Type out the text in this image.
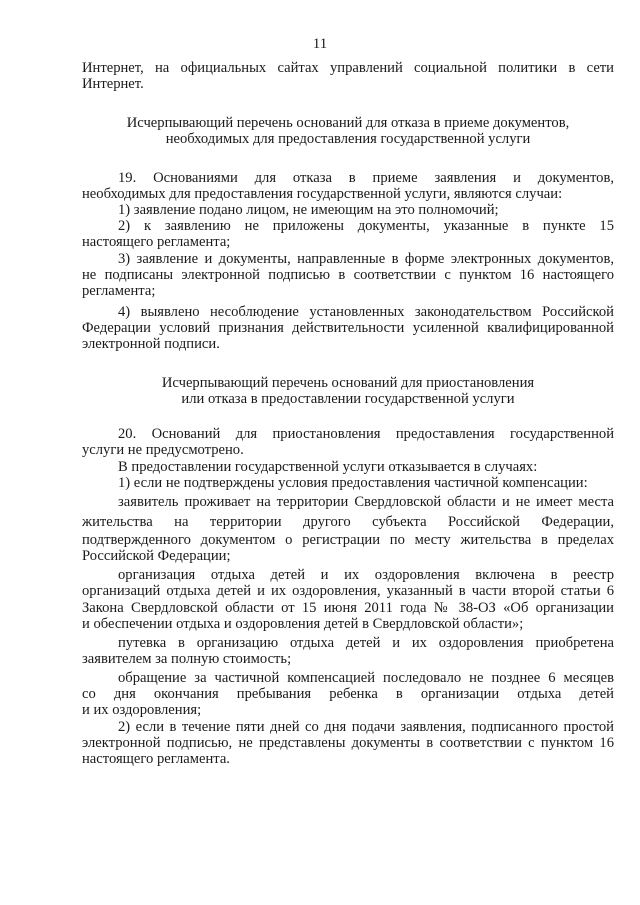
11
Интернет, на официальных сайтах управлений социальной политики в сети
Интернет.
Исчерпывающий перечень оснований для отказа в приеме документов,
необходимых для предоставления государственной услуги
19. Основаниями для отказа в приеме заявления и документов,
необходимых для предоставления государственной услуги, являются случаи:
1) заявление подано лицом, не имеющим на это полномочий;
2) к заявлению не приложены документы, указанные в пункте 15
настоящего регламента;
3) заявление и документы, направленные в форме электронных документов,
не подписаны электронной подписью в соответствии с пунктом 16 настоящего
регламента;
4) выявлено несоблюдение установленных законодательством Российской
Федерации условий признания действительности усиленной квалифицированной
электронной подписи.
Исчерпывающий перечень оснований для приостановления
или отказа в предоставлении государственной услуги
20. Оснований для приостановления предоставления государственной
услуги не предусмотрено.
В предоставлении государственной услуги отказывается в случаях:
1) если не подтверждены условия предоставления частичной компенсации:
заявитель проживает на территории Свердловской области и не имеет места
жительства на территории другого субъекта Российской Федерации,
подтвержденного документом о регистрации по месту жительства в пределах
Российской Федерации;
организация отдыха детей и их оздоровления включена в реестр
организаций отдыха детей и их оздоровления, указанный в части второй статьи 6
Закона Свердловской области от 15 июня 2011 года № 38-ОЗ «Об организации
и обеспечении отдыха и оздоровления детей в Свердловской области»;
путевка в организацию отдыха детей и их оздоровления приобретена
заявителем за полную стоимость;
обращение за частичной компенсацией последовало не позднее 6 месяцев
со дня окончания пребывания ребенка в организации отдыха детей
и их оздоровления;
2) если в течение пяти дней со дня подачи заявления, подписанного простой
электронной подписью, не представлены документы в соответствии с пунктом 16
настоящего регламента.
